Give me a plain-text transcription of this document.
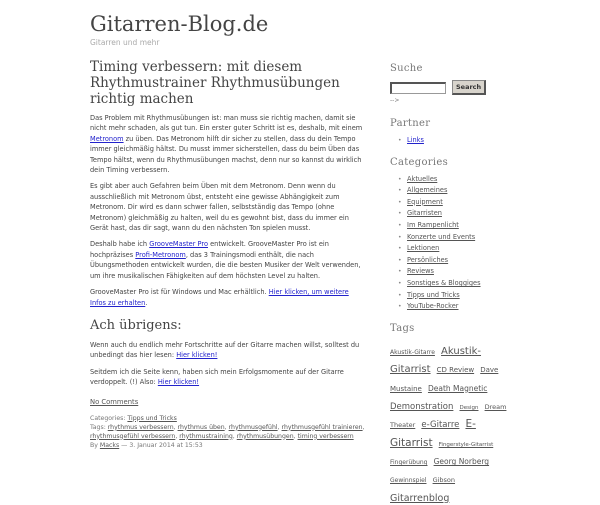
Gitarren-Blog.de
Gitarren und mehr
Timing verbessern: mit diesem Rhythmustrainer Rhythmusübungen richtig machen

Das Problem mit Rhythmusübungen ist: man muss sie richtig machen, damit sie nicht mehr schaden, als gut tun. Ein erster guter Schritt ist es, deshalb, mit einem Metronom zu üben. Das Metronom hilft dir sicher zu stellen, dass du dein Tempo immer gleichmäßig hältst. Du musst immer sicherstellen, dass du beim Üben das Tempo hältst, wenn du Rhythmusübungen machst, denn nur so kannst du wirklich dein Timing verbessern.

Es gibt aber auch Gefahren beim Üben mit dem Metronom. Denn wenn du ausschließlich mit Metronom übst, entsteht eine gewisse Abhängigkeit zum Metronom. Dir wird es dann schwer fallen, selbstständig das Tempo (ohne Metronom) gleichmäßig zu halten, weil du es gewohnt bist, dass du immer ein Gerät hast, das dir sagt, wann du den nächsten Ton spielen musst.

Deshalb habe ich GrooveMaster Pro entwickelt. GrooveMaster Pro ist ein hochpräzises Profi-Metronom, das 3 Trainingsmodi enthält, die nach Übungsmethoden entwickelt wurden, die die besten Musiker der Welt verwenden, um ihre musikalischen Fähigkeiten auf dem höchsten Level zu halten.

GrooveMaster Pro ist für Windows und Mac erhältlich. Hier klicken, um weitere Infos zu erhalten.

Ach übrigens:

Wenn auch du endlich mehr Fortschritte auf der Gitarre machen willst, solltest du unbedingt das hier lesen: Hier klicken!

Seitdem ich die Seite kenn, haben sich mein Erfolgsmomente auf der Gitarre verdoppelt. (!) Also: Hier klicken!

No Comments
Categories: Tipps und Tricks
Tags: rhythmus verbessern, rhythmus üben, rhythmusgefühl, rhythmusgefühl trainieren, rhythmusgefühl verbessern, rhythmustraining, rhythmusübungen, timing verbessern
By Macks — 3. Januar 2014 at 15:53
Suche
Search
-->
Partner
• Links
Categories
• Aktuelles
• Allgemeines
• Equipment
• Gitarristen
• Im Rampenlicht
• Konzerte und Events
• Lektionen
• Persönliches
• Reviews
• Sonstiges & Bloggiges
• Tipps und Tricks
• YouTube-Rocker
Tags
Akustik-Gitarre Akustik-Gitarrist CD Review Dave Mustaine Death Magnetic Demonstration Design Dream Theater e-Gitarre E-Gitarrist Fingerstyle-Gitarrist Fingerübung Georg Norberg Gewinnspiel Gibson Gitarrenblog
